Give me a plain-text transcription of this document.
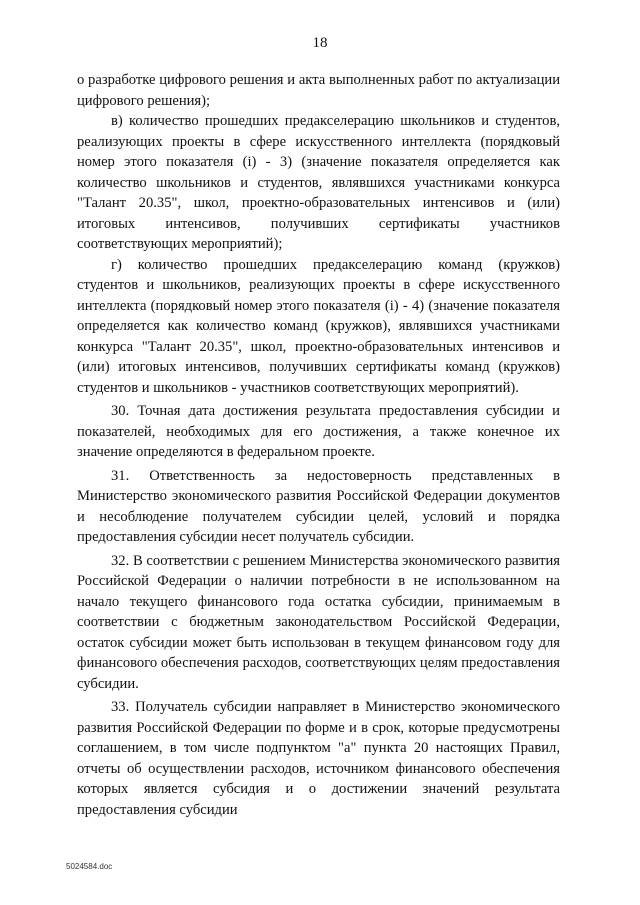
18

о разработке цифрового решения и акта выполненных работ по актуализации цифрового решения);

в) количество прошедших предакселерацию школьников и студентов, реализующих проекты в сфере искусственного интеллекта (порядковый номер этого показателя (i) - 3) (значение показателя определяется как количество школьников и студентов, являвшихся участниками конкурса "Талант 20.35", школ, проектно-образовательных интенсивов и (или) итоговых интенсивов, получивших сертификаты участников соответствующих мероприятий);

г) количество прошедших предакселерацию команд (кружков) студентов и школьников, реализующих проекты в сфере искусственного интеллекта (порядковый номер этого показателя (i) - 4) (значение показателя определяется как количество команд (кружков), являвшихся участниками конкурса "Талант 20.35", школ, проектно-образовательных интенсивов и (или) итоговых интенсивов, получивших сертификаты команд (кружков) студентов и школьников - участников соответствующих мероприятий).

30. Точная дата достижения результата предоставления субсидии и показателей, необходимых для его достижения, а также конечное их значение определяются в федеральном проекте.

31. Ответственность за недостоверность представленных в Министерство экономического развития Российской Федерации документов и несоблюдение получателем субсидии целей, условий и порядка предоставления субсидии несет получатель субсидии.

32. В соответствии с решением Министерства экономического развития Российской Федерации о наличии потребности в не использованном на начало текущего финансового года остатка субсидии, принимаемым в соответствии с бюджетным законодательством Российской Федерации, остаток субсидии может быть использован в текущем финансовом году для финансового обеспечения расходов, соответствующих целям предоставления субсидии.

33. Получатель субсидии направляет в Министерство экономического развития Российской Федерации по форме и в срок, которые предусмотрены соглашением, в том числе подпунктом "а" пункта 20 настоящих Правил, отчеты об осуществлении расходов, источником финансового обеспечения которых является субсидия и о достижении значений результата предоставления субсидии

5024584.doc
